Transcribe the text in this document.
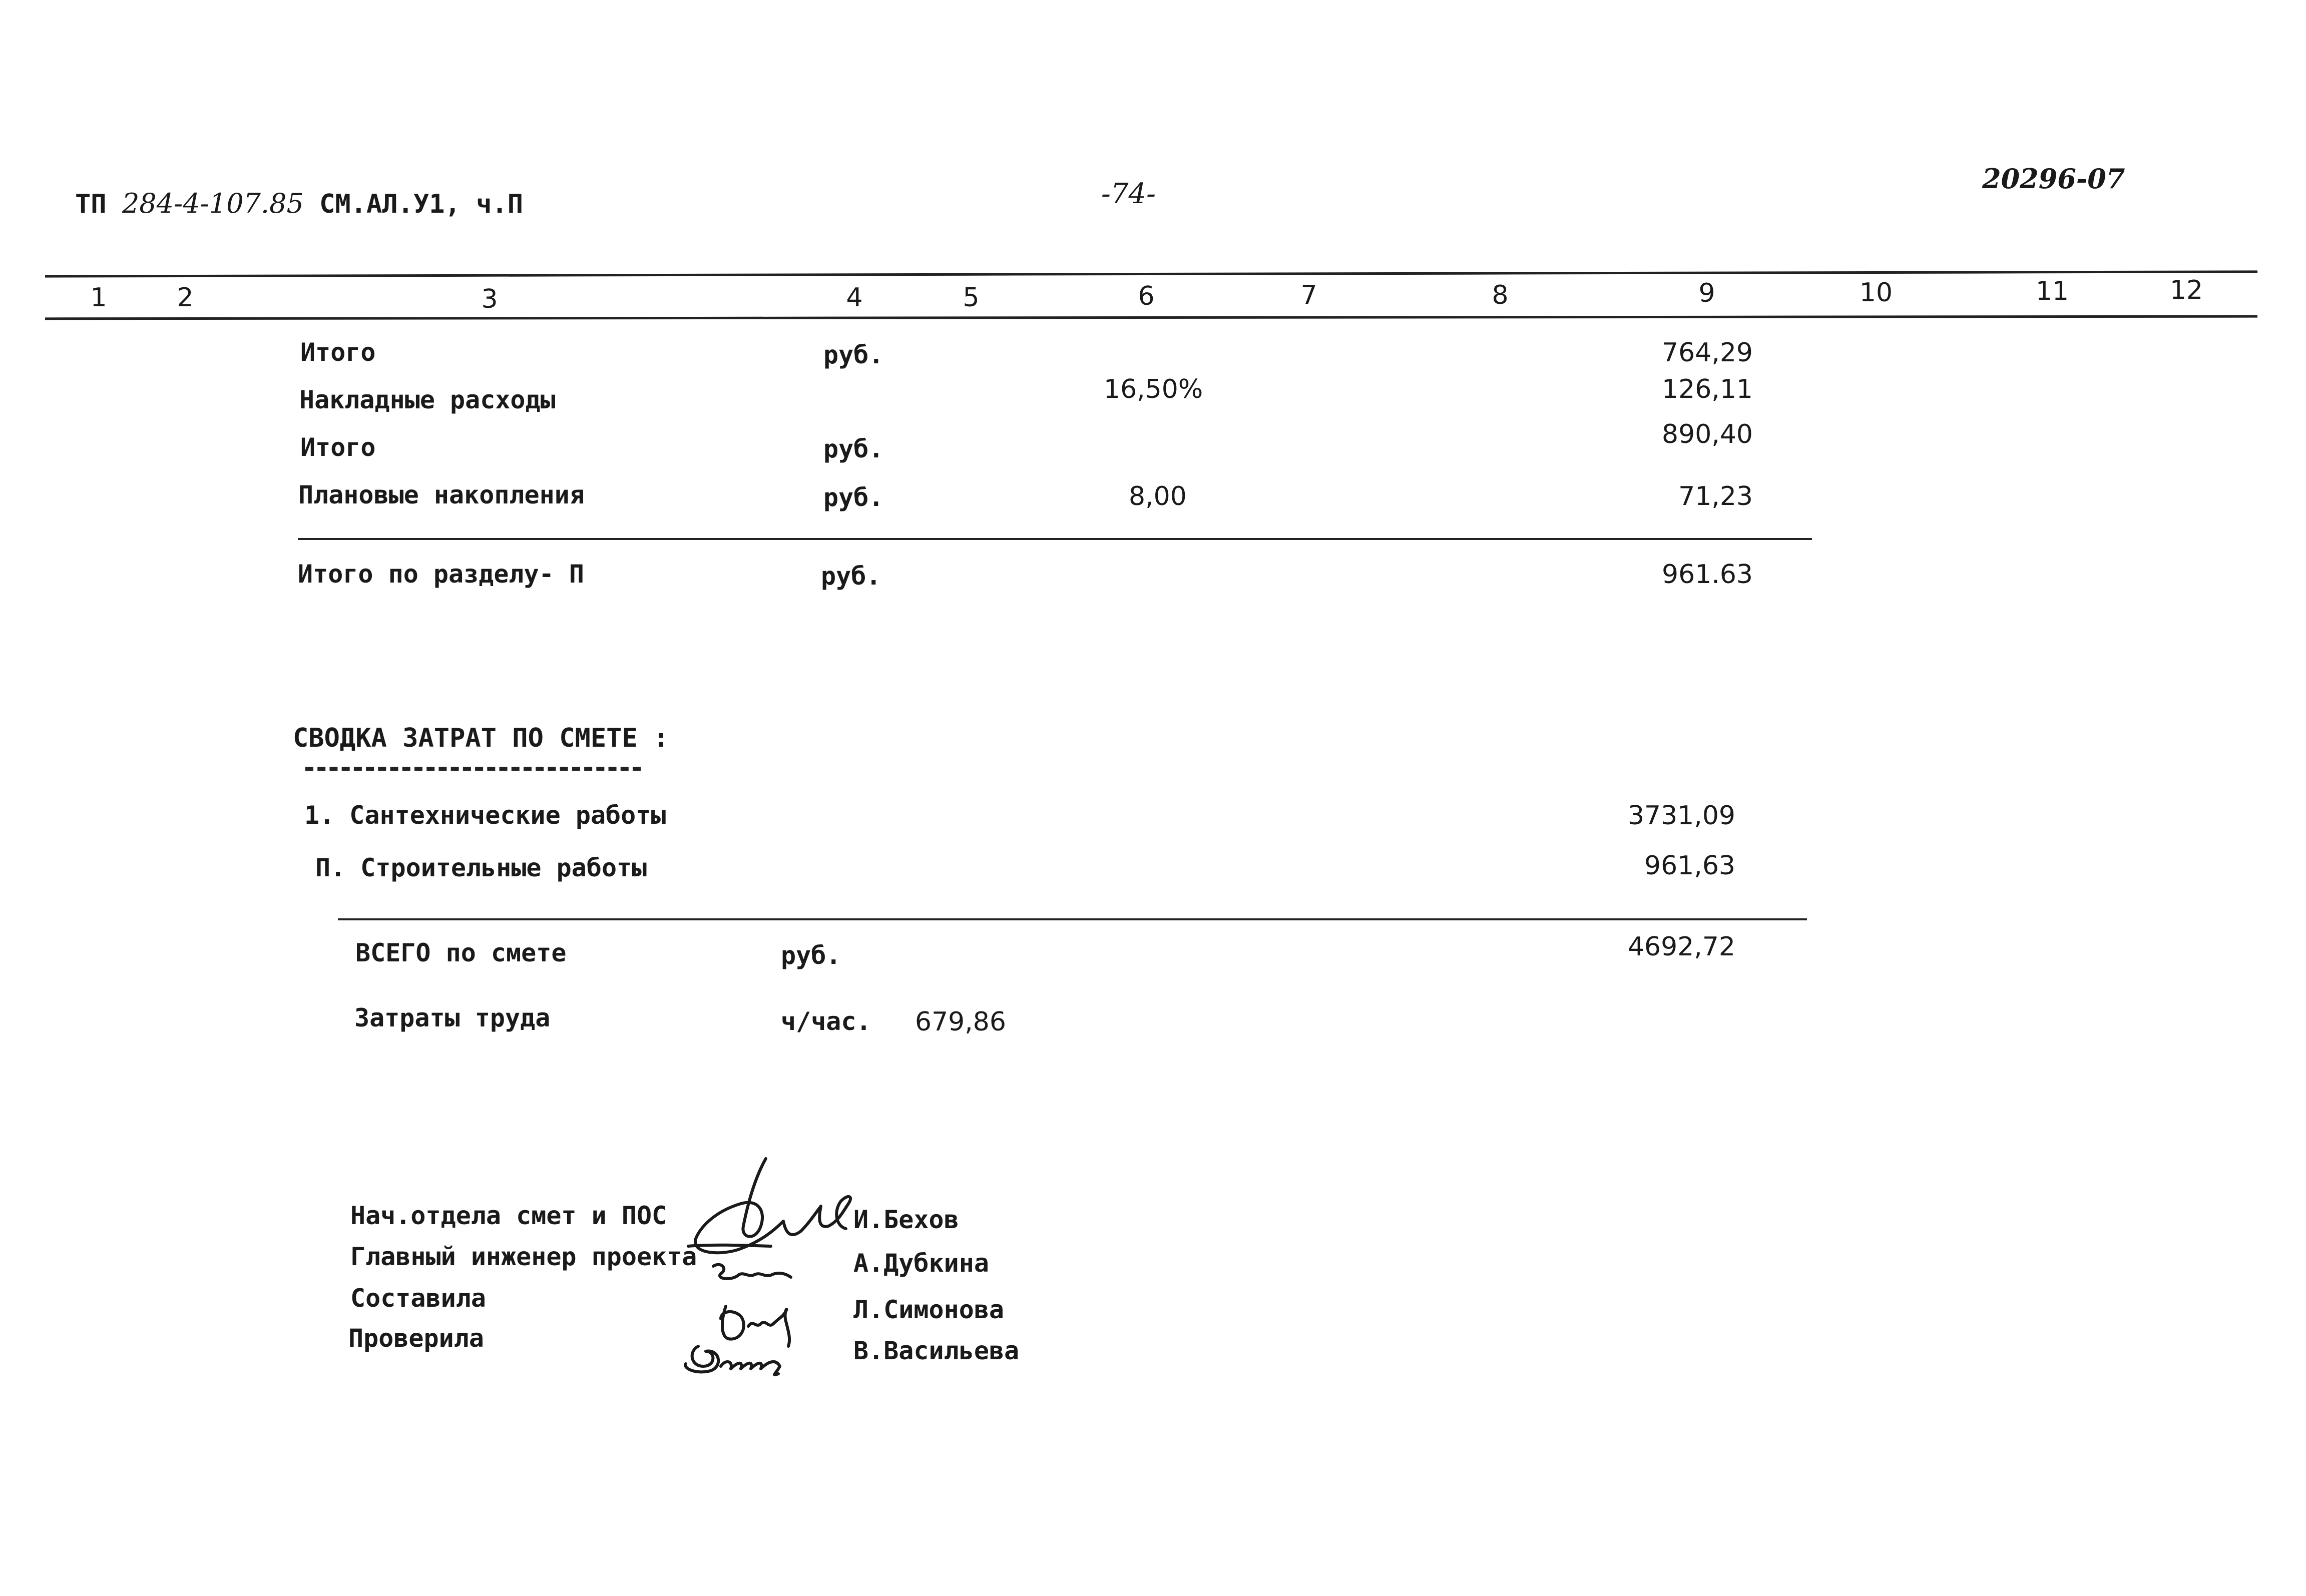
ТП 284-4-107.85 СМ.АЛ.У1, ч.П	-74-	20296-07
1	2	3	4	5	6	7	8	9	10	11	12
Итого	руб.	764,29
Накладные расходы	16,50%	126,11
Итого	руб.	890,40
Плановые накопления	руб.	8,00	71,23
Итого по разделу- П	руб.	961.63
СВОДКА ЗАТРАТ ПО СМЕТЕ :
1. Сантехнические работы	3731,09
П. Строительные работы	961,63
ВСЕГО по смете	руб.	4692,72
Затраты труда	ч/час. 679,86
Нач.отдела смет и ПОС	И.Бехов
Главный инженер проекта	А.Дубкина
Составила	Л.Симонова
Проверила	В.Васильева
